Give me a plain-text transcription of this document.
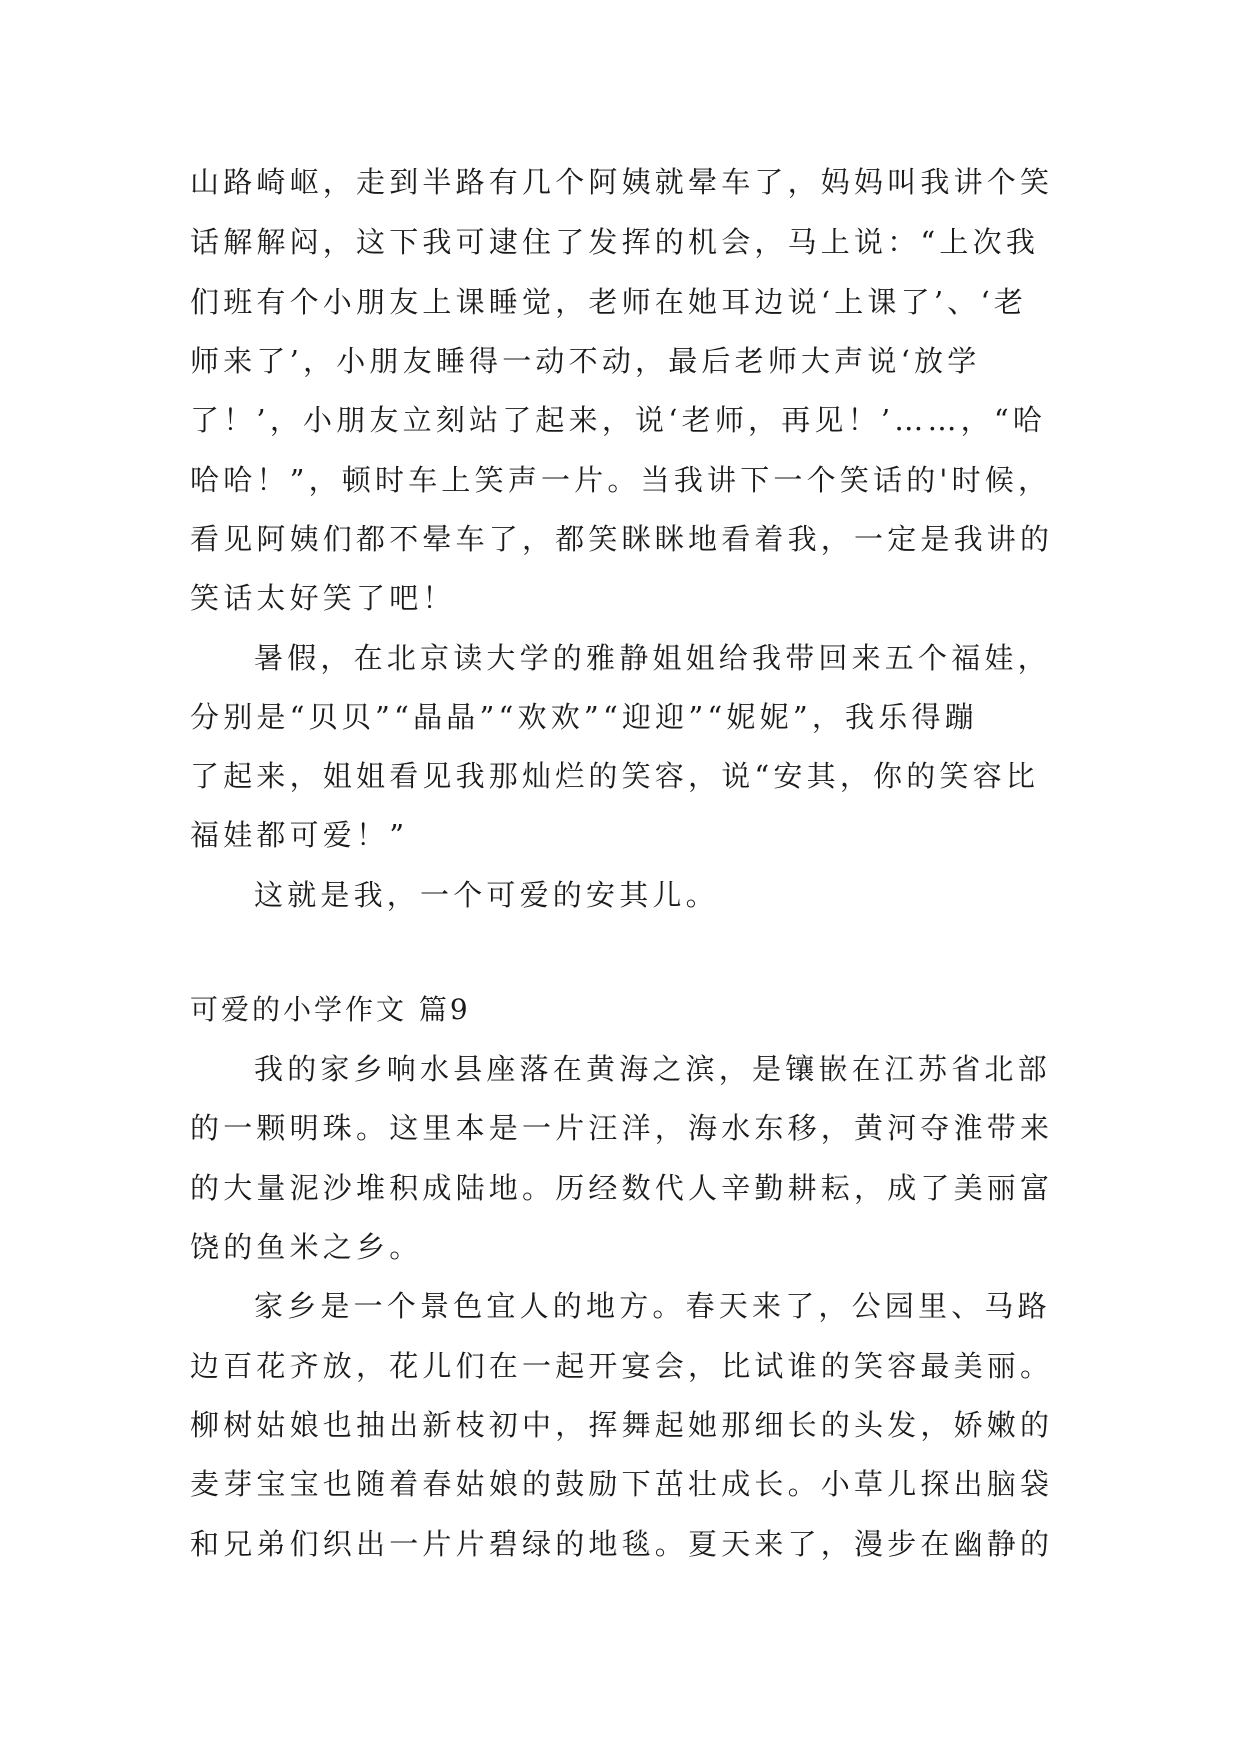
山路崎岖，走到半路有几个阿姨就晕车了，妈妈叫我讲个笑
话解解闷，这下我可逮住了发挥的机会，马上说：“上次我
们班有个小朋友上课睡觉，老师在她耳边说‘上课了’、‘老
师来了’，小朋友睡得一动不动，最后老师大声说‘放学
了！’，小朋友立刻站了起来，说‘老师，再见！’……，“哈
哈哈！”，顿时车上笑声一片。当我讲下一个笑话的'时候，
看见阿姨们都不晕车了，都笑眯眯地看着我，一定是我讲的
笑话太好笑了吧！
暑假，在北京读大学的雅静姐姐给我带回来五个福娃，
分别是“贝贝”“晶晶”“欢欢”“迎迎”“妮妮”，我乐得蹦
了起来，姐姐看见我那灿烂的笑容，说“安其，你的笑容比
福娃都可爱！”
这就是我，一个可爱的安其儿。
可爱的小学作文 篇9
我的家乡响水县座落在黄海之滨，是镶嵌在江苏省北部
的一颗明珠。这里本是一片汪洋，海水东移，黄河夺淮带来
的大量泥沙堆积成陆地。历经数代人辛勤耕耘，成了美丽富
饶的鱼米之乡。
家乡是一个景色宜人的地方。春天来了，公园里、马路
边百花齐放，花儿们在一起开宴会，比试谁的笑容最美丽。
柳树姑娘也抽出新枝初中，挥舞起她那细长的头发，娇嫩的
麦芽宝宝也随着春姑娘的鼓励下茁壮成长。小草儿探出脑袋
和兄弟们织出一片片碧绿的地毯。夏天来了，漫步在幽静的
